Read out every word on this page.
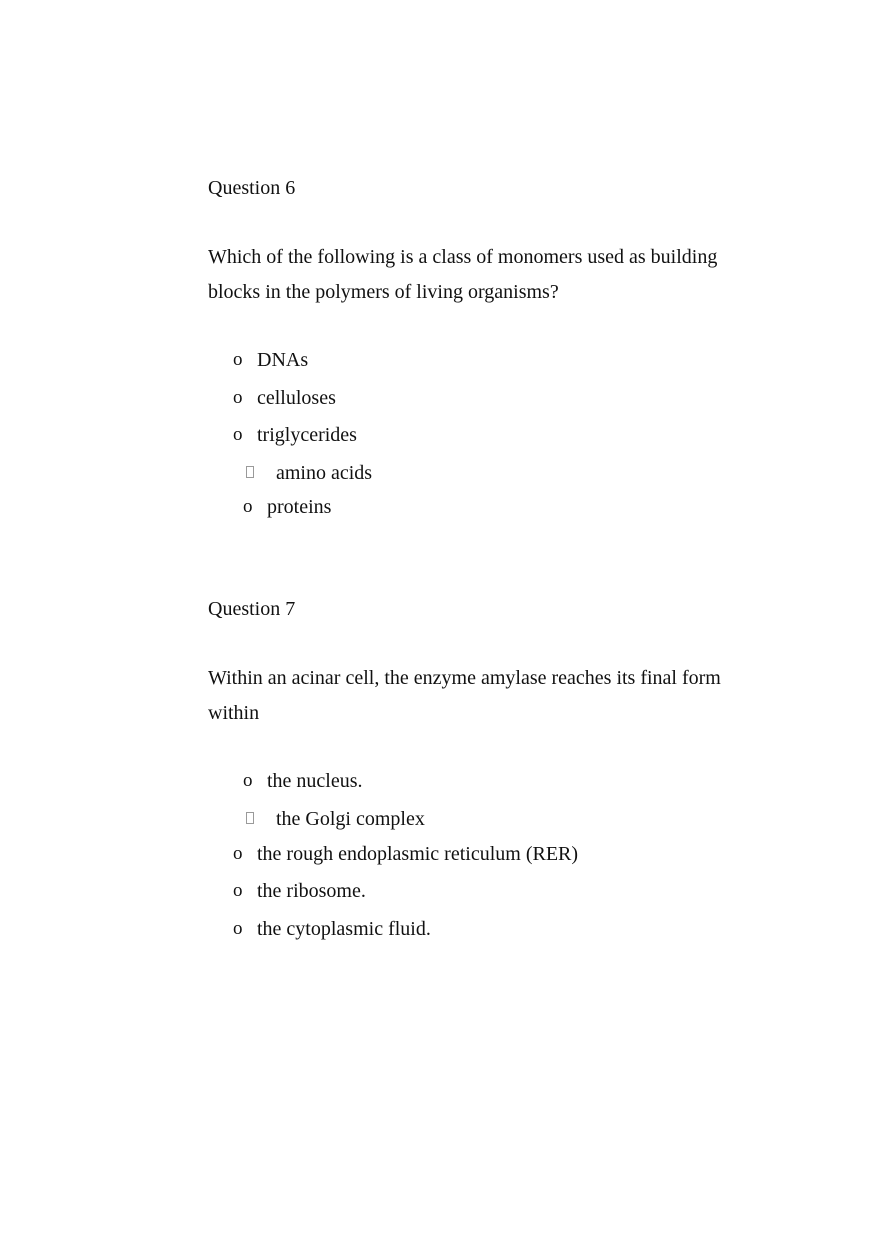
Question 6
Which of the following is a class of monomers used as building blocks in the polymers of living organisms?
o DNAs
o celluloses
o triglycerides
amino acids
o proteins
Question 7
Within an acinar cell, the enzyme amylase reaches its final form within
o the nucleus.
the Golgi complex
o the rough endoplasmic reticulum (RER)
o the ribosome.
o the cytoplasmic fluid.
